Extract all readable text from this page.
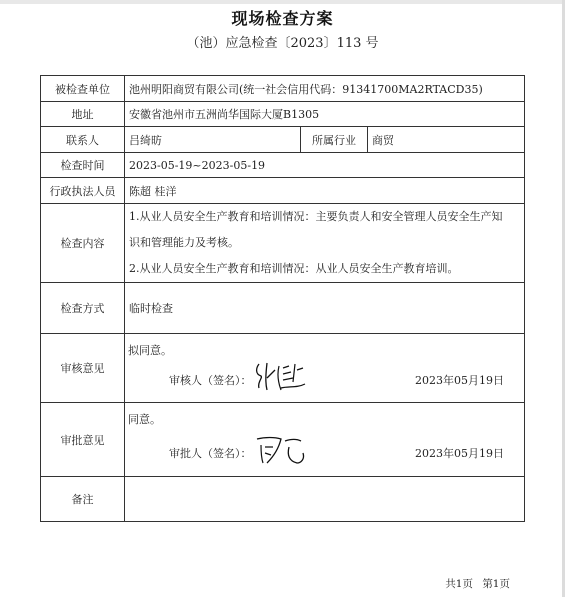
现场检查方案
（池）应急检查〔2023〕113 号
被检查单位	池州明阳商贸有限公司(统一社会信用代码：91341700MA2RTACD35)		
地址	安徽省池州市五洲尚华国际大厦B1305		
联系人	吕绮昉	所属行业	商贸
检查时间	2023-05-19~2023-05-19		
行政执法人员	陈超 桂洋		
检查内容	1.从业人员安全生产教育和培训情况：主要负责人和安全管理人员安全生产知
识和管理能力及考核。
2.从业人员安全生产教育和培训情况：从业人员安全生产教育培训。		

检查方式	临时检查		
审核意见	拟同意。
审核人（签名）： 2023年05月19日		

审批意见	同意。
审批人（签名）： 2023年05月19日		

备注			
共1页 第1页
